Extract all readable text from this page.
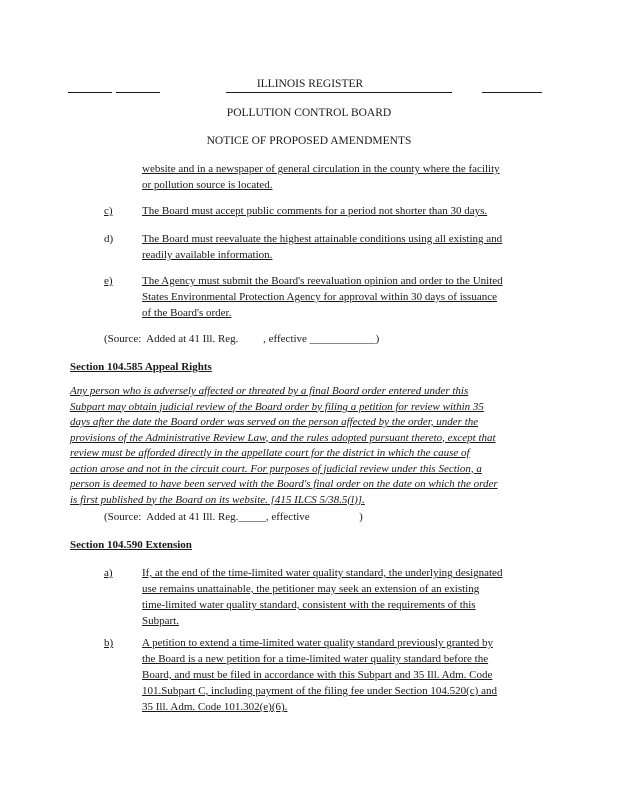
ILLINOIS REGISTER
POLLUTION CONTROL BOARD
NOTICE OF PROPOSED AMENDMENTS
website and in a newspaper of general circulation in the county where the facility
or pollution source is located.
c)	The Board must accept public comments for a period not shorter than 30 days.
d)	The Board must reevaluate the highest attainable conditions using all existing and
readily available information.
e)	The Agency must submit the Board's reevaluation opinion and order to the United
States Environmental Protection Agency for approval within 30 days of issuance
of the Board's order.
(Source:  Added at 41 Ill. Reg.         , effective ____________)
Section 104.585 Appeal Rights
Any person who is adversely affected or threated by a final Board order entered under this
Subpart may obtain judicial review of the Board order by filing a petition for review within 35
days after the date the Board order was served on the person affected by the order, under the
provisions of the Administrative Review Law, and the rules adopted pursuant thereto, except that
review must be afforded directly in the appellate court for the district in which the cause of
action arose and not in the circuit court. For purposes of judicial review under this Section, a
person is deemed to have been served with the Board's final order on the date on which the order
is first published by the Board on its website. [415 ILCS 5/38.5(l)].
(Source:  Added at 41 Ill. Reg._____, effective                  )
Section 104.590 Extension
a)	If, at the end of the time-limited water quality standard, the underlying designated
use remains unattainable, the petitioner may seek an extension of an existing
time-limited water quality standard, consistent with the requirements of this
Subpart.
b)	A petition to extend a time-limited water quality standard previously granted by
the Board is a new petition for a time-limited water quality standard before the
Board, and must be filed in accordance with this Subpart and 35 Ill. Adm. Code
101.Subpart C, including payment of the filing fee under Section 104.520(c) and
35 Ill. Adm. Code 101.302(e)(6).
